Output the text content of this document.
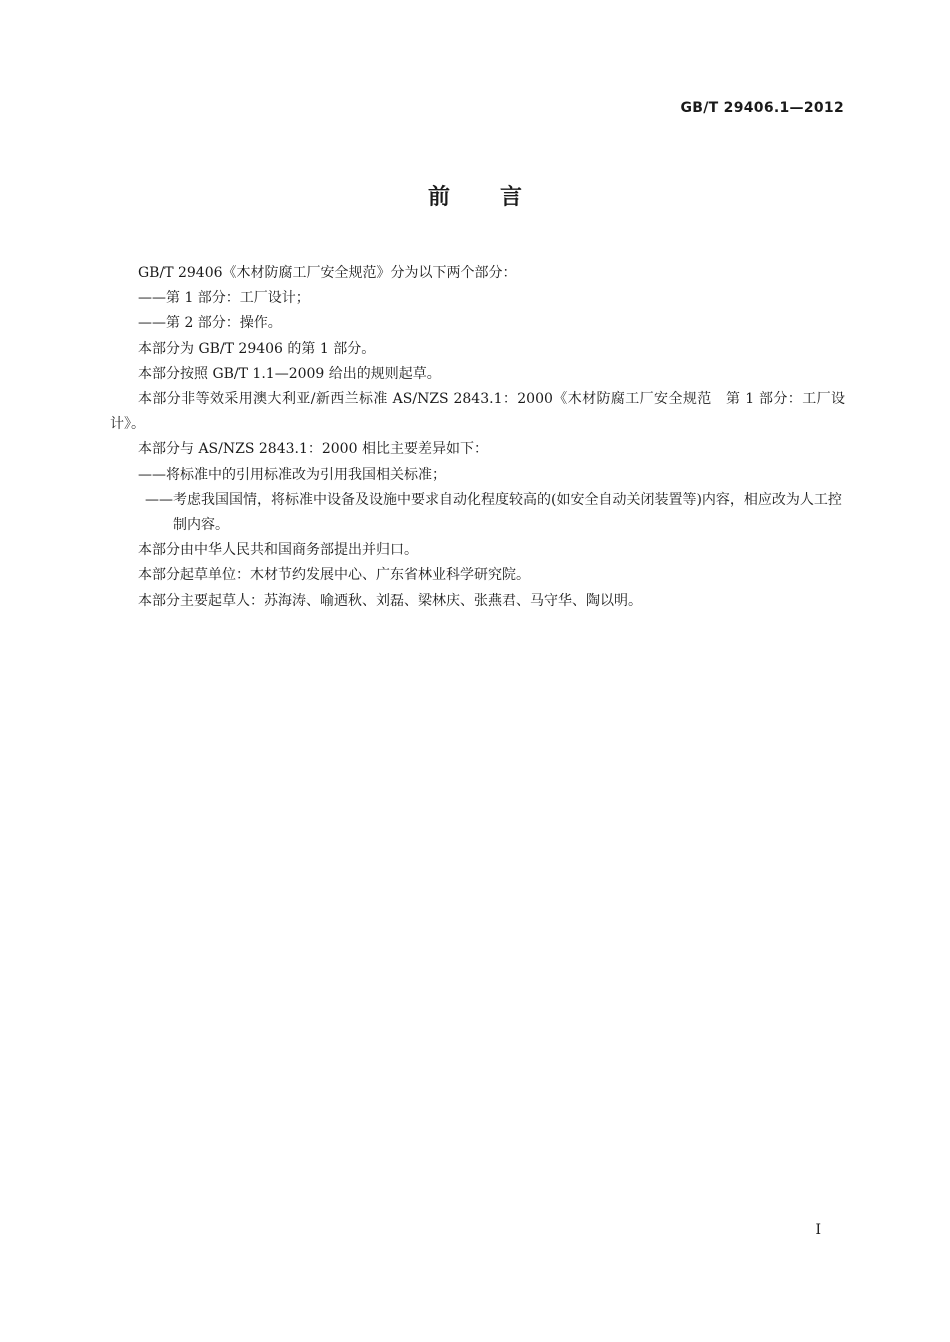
GB/T 29406.1—2012
前言

GB/T 29406《木材防腐工厂安全规范》分为以下两个部分：

——第 1 部分：工厂设计；

——第 2 部分：操作。

本部分为 GB/T 29406 的第 1 部分。

本部分按照 GB/T 1.1—2009 给出的规则起草。

本部分非等效采用澳大利亚/新西兰标准 AS/NZS 2843.1：2000《木材防腐工厂安全规范　第 1 部分：工厂设计》。

本部分与 AS/NZS 2843.1：2000 相比主要差异如下：

——将标准中的引用标准改为引用我国相关标准；

——考虑我国国情，将标准中设备及设施中要求自动化程度较高的(如安全自动关闭装置等)内容，相应改为人工控制内容。

本部分由中华人民共和国商务部提出并归口。

本部分起草单位：木材节约发展中心、广东省林业科学研究院。

本部分主要起草人：苏海涛、喻迺秋、刘磊、梁林庆、张燕君、马守华、陶以明。

I
